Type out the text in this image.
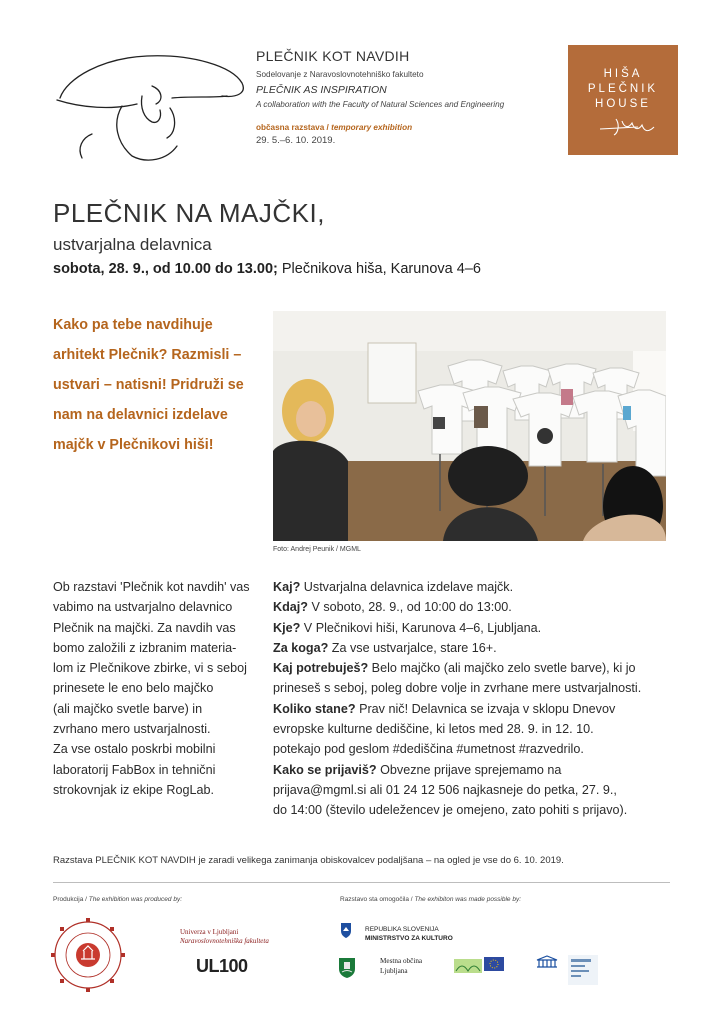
PLEČNIK KOT NAVDIH
Sodelovanje z Naravoslovnotehniško fakulteto
PLEČNIK AS INSPIRATION
A collaboration with the Faculty of Natural Sciences and Engineering
občasna razstava / temporary exhibition
29. 5.–6. 10. 2019.
HIŠA
PLEČNIK
HOUSE
PLEČNIK NA MAJČKI,
ustvarjalna delavnica
sobota, 28. 9., od 10.00 do 13.00; Plečnikova hiša, Karunova 4–6
Kako pa tebe navdihuje arhitekt Plečnik? Razmisli – ustvari – natisni! Pridruži se nam na delavnici izdelave majčk v Plečnikovi hiši!
Foto: Andrej Peunik / MGML
Ob razstavi 'Plečnik kot navdih' vas
vabimo na ustvarjalno delavnico
Plečnik na majčki. Za navdih vas
bomo založili z izbranim materia-
lom iz Plečnikove zbirke, vi s seboj
prinesete le eno belo majčko
(ali majčko svetle barve) in
zvrhano mero ustvarjalnosti.
Za vse ostalo poskrbi mobilni
laboratorij FabBox in tehnični
strokovnjak iz ekipe RogLab.

Kaj? Ustvarjalna delavnica izdelave majčk.

Kdaj? V soboto, 28. 9., od 10:00 do 13:00.

Kje? V Plečnikovi hiši, Karunova 4–6, Ljubljana.

Za koga? Za vse ustvarjalce, stare 16+.

Kaj potrebuješ? Belo majčko (ali majčko zelo svetle barve), ki jo

prineseš s seboj, poleg dobre volje in zvrhane mere ustvarjalnosti.

Koliko stane? Prav nič! Delavnica se izvaja v sklopu Dnevov

evropske kulturne dediščine, ki letos med 28. 9. in 12. 10.

potekajo pod geslom #dediščina #umetnost #razvedrilo.

Kako se prijaviš? Obvezne prijave sprejemamo na

prijava@mgml.si ali 01 24 12 506 najkasneje do petka, 27. 9.,

do 14:00 (število udeležencev je omejeno, zato pohiti s prijavo).

Razstava PLEČNIK KOT NAVDIH je zaradi velikega zanimanja obiskovalcev podaljšana – na ogled je vse do 6. 10. 2019.
Produkcija / The exhibition was produced by:	Razstavo sta omogočila / The exhibiton was made possible by:
Univerza v Ljubljani
Naravoslovnotehniška fakulteta
UL100
REPUBLIKA SLOVENIJA
MINISTRSTVO ZA KULTURO
Mestna občina
Ljubljana
